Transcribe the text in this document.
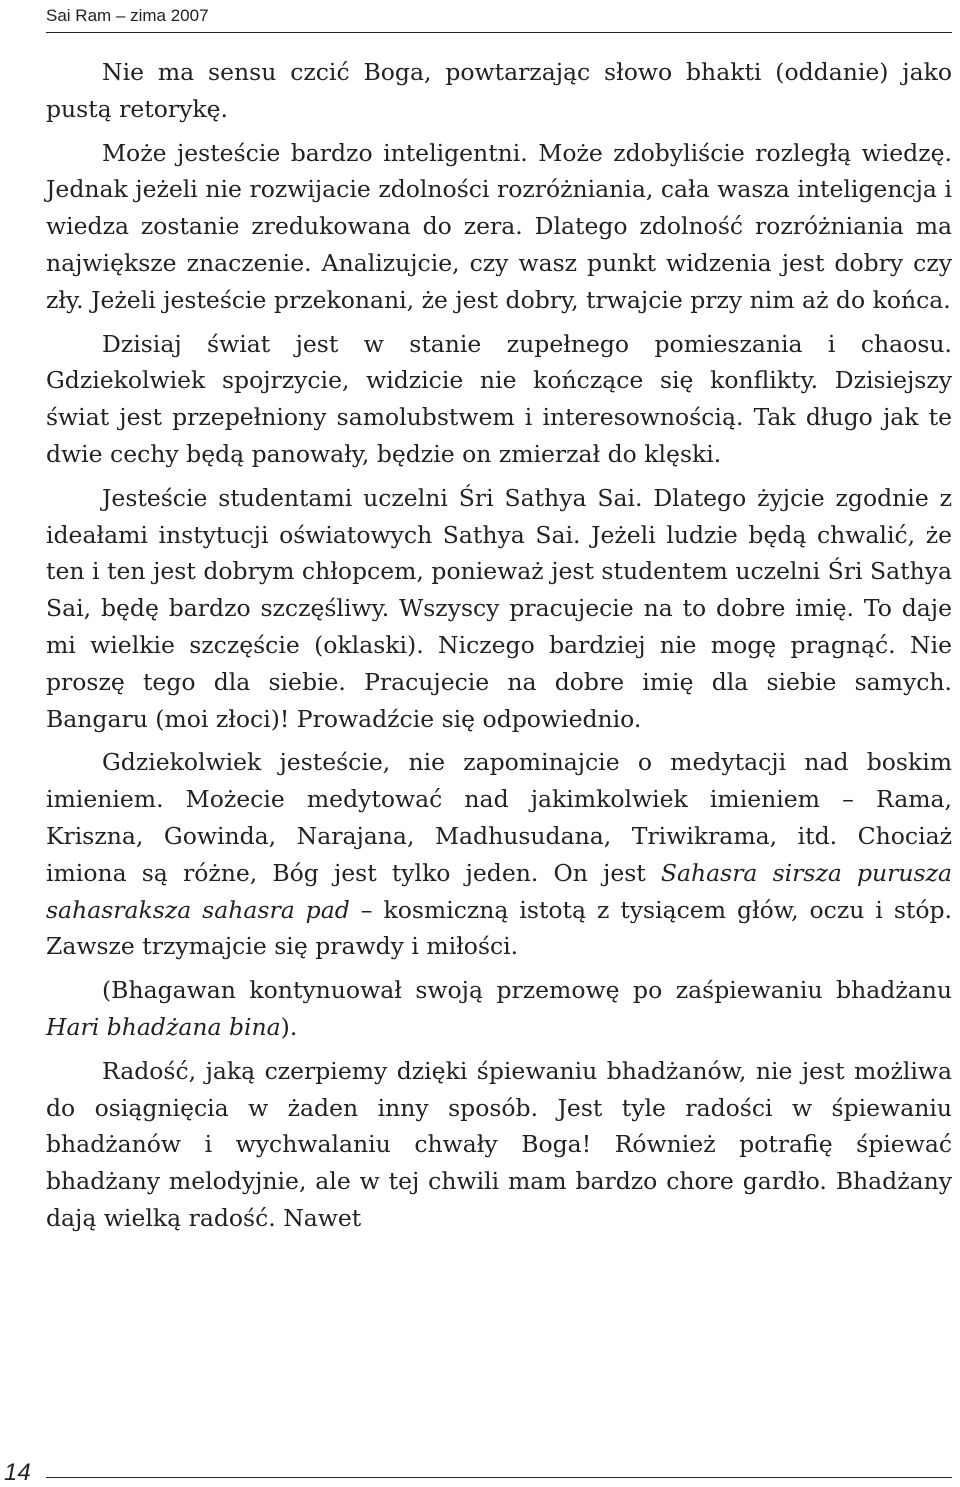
Sai Ram – zima 2007

Nie ma sensu czcić Boga, powtarzając słowo bhakti (oddanie) jako pustą retorykę.

Może jesteście bardzo inteligentni. Może zdobyliście rozległą wiedzę. Jednak jeżeli nie rozwijacie zdolności rozróżniania, cała wasza inteligencja i wiedza zostanie zredukowana do zera. Dlatego zdolność rozróżniania ma największe znaczenie. Analizujcie, czy wasz punkt widzenia jest dobry czy zły. Jeżeli jesteście przekonani, że jest dobry, trwajcie przy nim aż do końca.

Dzisiaj świat jest w stanie zupełnego pomieszania i chaosu. Gdziekolwiek spojrzycie, widzicie nie kończące się konflikty. Dzisiejszy świat jest przepełniony samolubstwem i interesownością. Tak długo jak te dwie cechy będą panowały, będzie on zmierzał do klęski.

Jesteście studentami uczelni Śri Sathya Sai. Dlatego żyjcie zgodnie z ideałami instytucji oświatowych Sathya Sai. Jeżeli ludzie będą chwalić, że ten i ten jest dobrym chłopcem, ponieważ jest studentem uczelni Śri Sathya Sai, będę bardzo szczęśliwy. Wszyscy pracujecie na to dobre imię. To daje mi wielkie szczęście (oklaski). Niczego bardziej nie mogę pragnąć. Nie proszę tego dla siebie. Pracujecie na dobre imię dla siebie samych. Bangaru (moi złoci)! Prowadźcie się odpowiednio.

Gdziekolwiek jesteście, nie zapominajcie o medytacji nad boskim imieniem. Możecie medytować nad jakimkolwiek imieniem – Rama, Kriszna, Gowinda, Narajana, Madhusudana, Triwikrama, itd. Chociaż imiona są różne, Bóg jest tylko jeden. On jest Sahasra sirsza purusza sahasraksza sahasra pad – kosmiczną istotą z tysiącem głów, oczu i stóp. Zawsze trzymajcie się prawdy i miłości.

(Bhagawan kontynuował swoją przemowę po zaśpiewaniu bhadżanu Hari bhadżana bina).

Radość, jaką czerpiemy dzięki śpiewaniu bhadżanów, nie jest możliwa do osiągnięcia w żaden inny sposób. Jest tyle radości w śpiewaniu bhadżanów i wychwalaniu chwały Boga! Również potrafię śpiewać bhadżany melodyjnie, ale w tej chwili mam bardzo chore gardło. Bhadżany dają wielką radość. Nawet

14
